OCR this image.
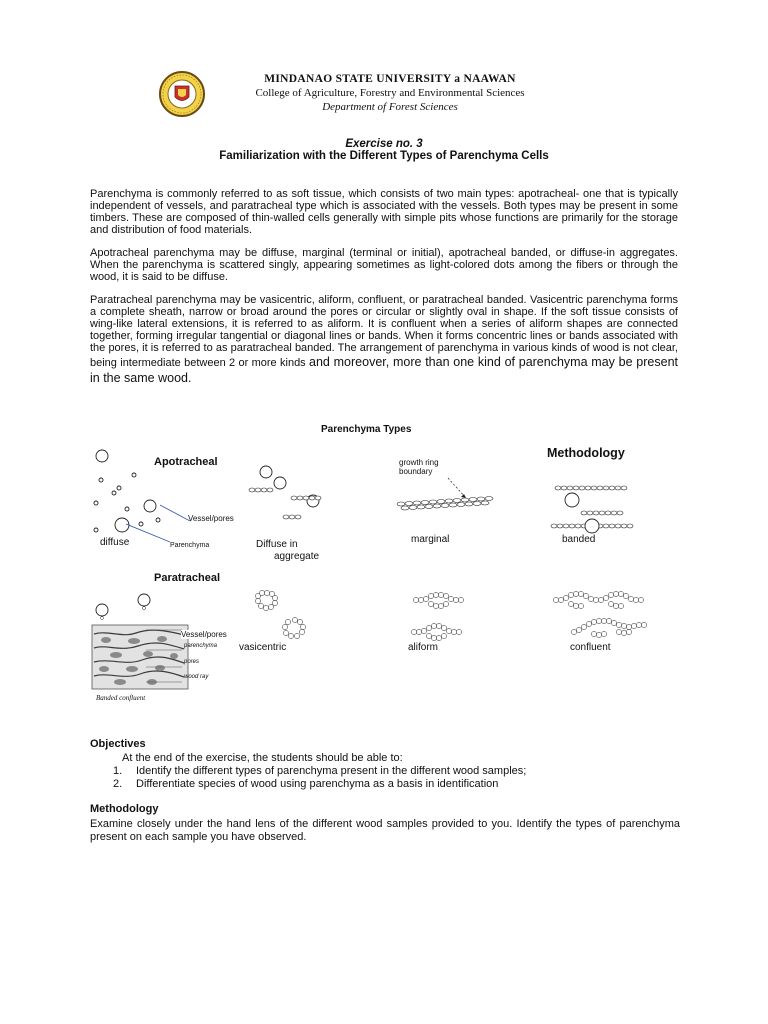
MINDANAO STATE UNIVERSITY a NAAWAN
College of Agriculture, Forestry and Environmental Sciences
Department of Forest Sciences
Exercise no. 3
Familiarization with the Different Types of Parenchyma Cells
Parenchyma is commonly referred to as soft tissue, which consists of two main types: apotracheal- one that is typically independent of vessels, and paratracheal type which is associated with the vessels. Both types may be present in some timbers. These are composed of thin-walled cells generally with simple pits whose functions are primarily for the storage and distribution of food materials.
Apotracheal parenchyma may be diffuse, marginal (terminal or initial), apotracheal banded, or diffuse-in aggregates. When the parenchyma is scattered singly, appearing sometimes as light-colored dots among the fibers or through the wood, it is said to be diffuse.
Paratracheal parenchyma may be vasicentric, aliform, confluent, or paratracheal banded. Vasicentric parenchyma forms a complete sheath, narrow or broad around the pores or circular or slightly oval in shape. If the soft tissue consists of wing-like lateral extensions, it is referred to as aliform. It is confluent when a series of aliform shapes are connected together, forming irregular tangential or diagonal lines or bands. When it forms concentric lines or bands associated with the pores, it is referred to as paratracheal banded. The arrangement of parenchyma in various kinds of wood is not clear, being intermediate between 2 or more kinds and moreover, more than one kind of parenchyma may be present in the same wood.
Parenchyma Types
Methodology
Apotracheal	growth ring
boundary
Vessel/pores
Parenchyma
diffuse	Diffuse in
aggregate
marginal	banded
Paratracheal
vasicentric	aliform	confluent
Vessel/pores
parenchyma
pores
wood ray
Banded confluent
Objectives
At the end of the exercise, the students should be able to:
1. Identify the different types of parenchyma present in the different wood samples;
2. Differentiate species of wood using parenchyma as a basis in identification
Methodology
Examine closely under the hand lens of the different wood samples provided to you. Identify the types of parenchyma present on each sample you have observed.
